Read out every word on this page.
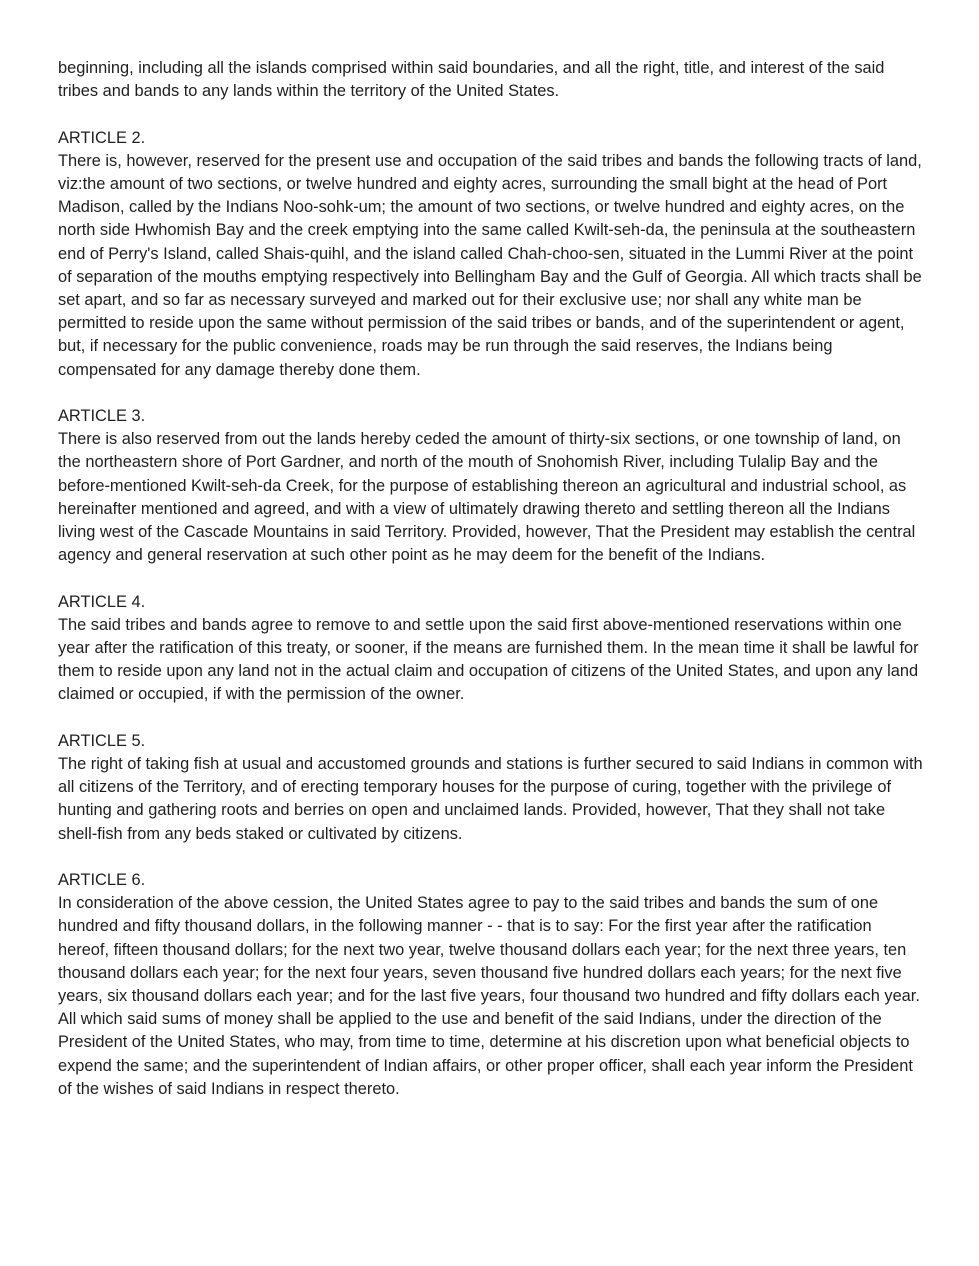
beginning, including all the islands comprised within said boundaries, and all the right, title, and interest of the said tribes and bands to any lands within the territory of the United States.

ARTICLE 2.

There is, however, reserved for the present use and occupation of the said tribes and bands the following tracts of land, viz:the amount of two sections, or twelve hundred and eighty acres, surrounding the small bight at the head of Port Madison, called by the Indians Noo-sohk-um; the amount of two sections, or twelve hundred and eighty acres, on the north side Hwhomish Bay and the creek emptying into the same called Kwilt-seh-da, the peninsula at the southeastern end of Perry's Island, called Shais-quihl, and the island called Chah-choo-sen, situated in the Lummi River at the point of separation of the mouths emptying respectively into Bellingham Bay and the Gulf of Georgia. All which tracts shall be set apart, and so far as necessary surveyed and marked out for their exclusive use; nor shall any white man be permitted to reside upon the same without permission of the said tribes or bands, and of the superintendent or agent, but, if necessary for the public convenience, roads may be run through the said reserves, the Indians being compensated for any damage thereby done them.

ARTICLE 3.

There is also reserved from out the lands hereby ceded the amount of thirty-six sections, or one township of land, on the northeastern shore of Port Gardner, and north of the mouth of Snohomish River, including Tulalip Bay and the before-mentioned Kwilt-seh-da Creek, for the purpose of establishing thereon an agricultural and industrial school, as hereinafter mentioned and agreed, and with a view of ultimately drawing thereto and settling thereon all the Indians living west of the Cascade Mountains in said Territory. Provided, however, That the President may establish the central agency and general reservation at such other point as he may deem for the benefit of the Indians.

ARTICLE 4.

The said tribes and bands agree to remove to and settle upon the said first above-mentioned reservations within one year after the ratification of this treaty, or sooner, if the means are furnished them. In the mean time it shall be lawful for them to reside upon any land not in the actual claim and occupation of citizens of the United States, and upon any land claimed or occupied, if with the permission of the owner.

ARTICLE 5.

The right of taking fish at usual and accustomed grounds and stations is further secured to said Indians in common with all citizens of the Territory, and of erecting temporary houses for the purpose of curing, together with the privilege of hunting and gathering roots and berries on open and unclaimed lands. Provided, however, That they shall not take shell-fish from any beds staked or cultivated by citizens.

ARTICLE 6.

In consideration of the above cession, the United States agree to pay to the said tribes and bands the sum of one hundred and fifty thousand dollars, in the following manner - - that is to say: For the first year after the ratification hereof, fifteen thousand dollars; for the next two year, twelve thousand dollars each year; for the next three years, ten thousand dollars each year; for the next four years, seven thousand five hundred dollars each years; for the next five years, six thousand dollars each year; and for the last five years, four thousand two hundred and fifty dollars each year. All which said sums of money shall be applied to the use and benefit of the said Indians, under the direction of the President of the United States, who may, from time to time, determine at his discretion upon what beneficial objects to expend the same; and the superintendent of Indian affairs, or other proper officer, shall each year inform the President of the wishes of said Indians in respect thereto.
